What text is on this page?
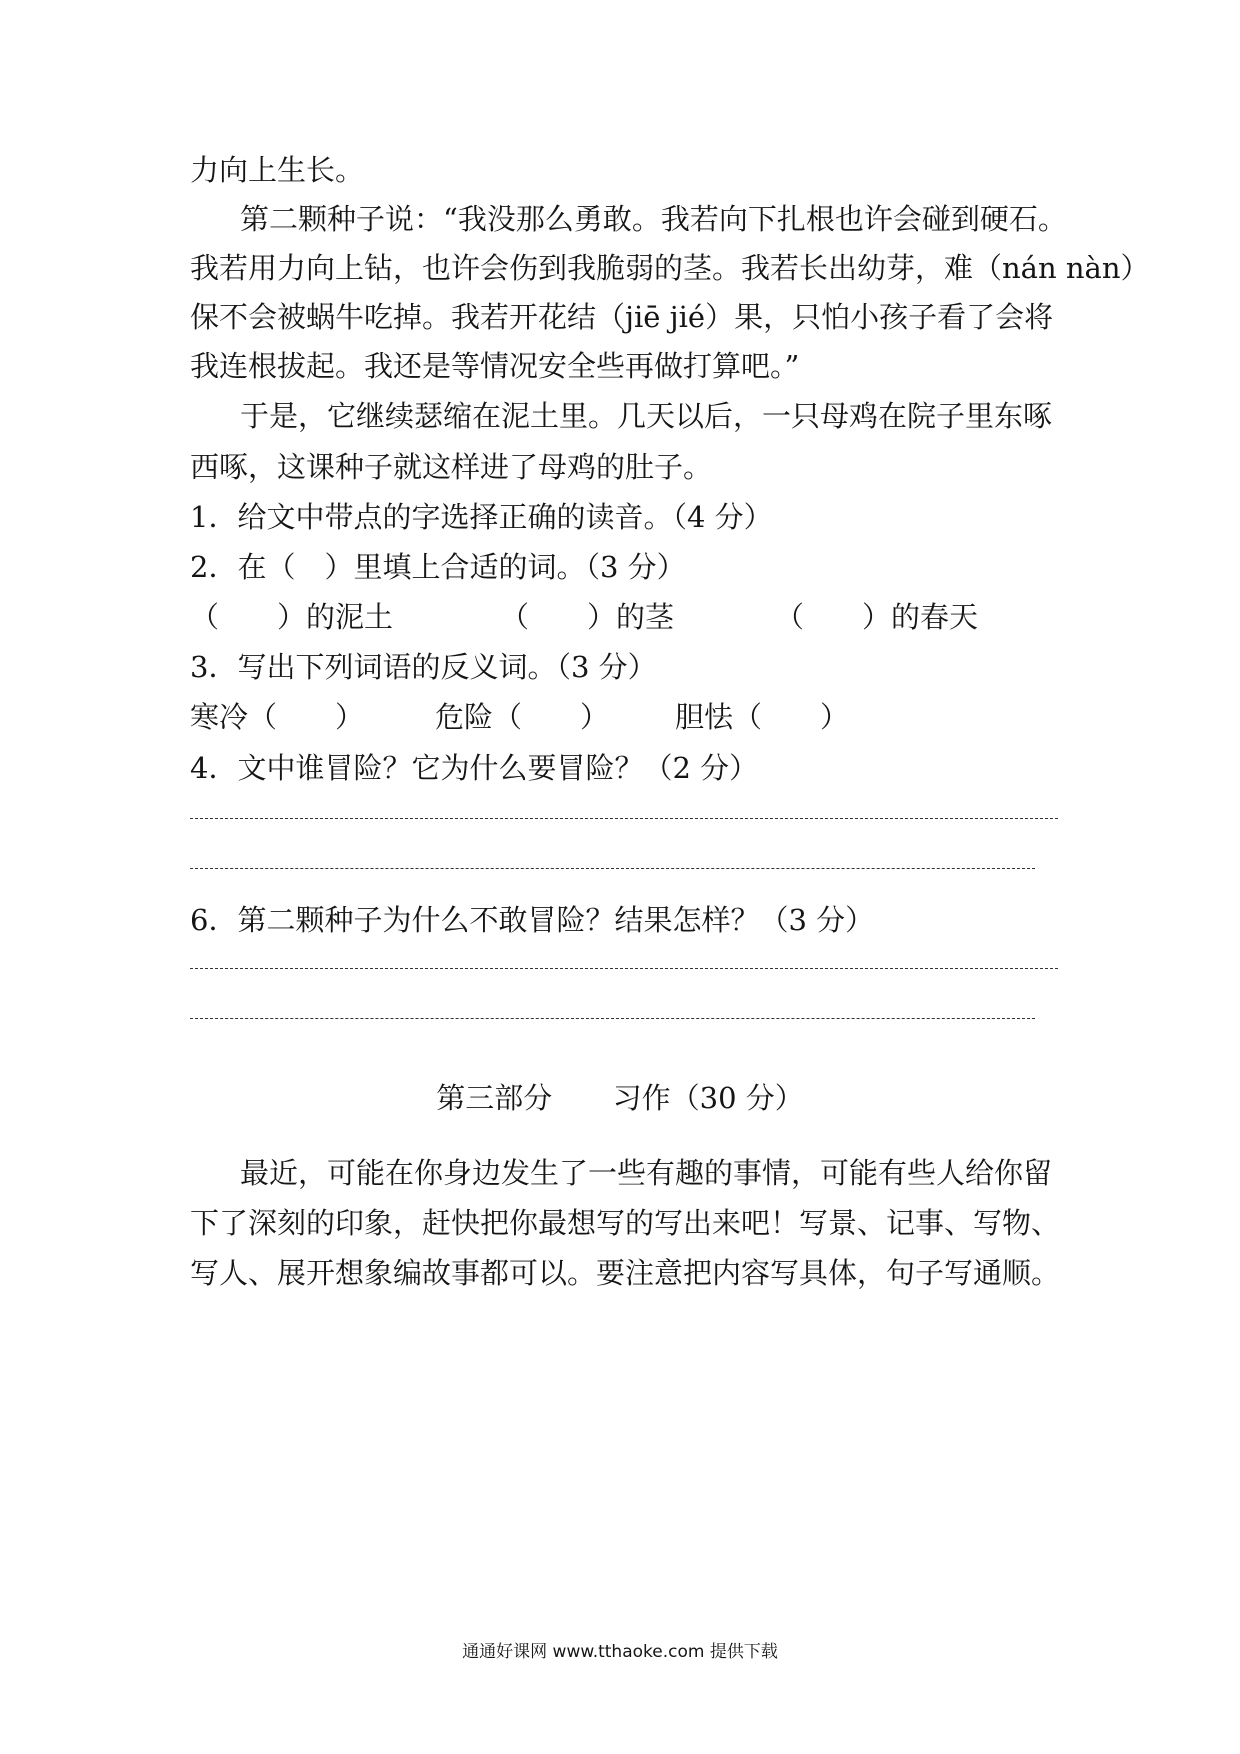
力向上生长。
第二颗种子说：“我没那么勇敢。我若向下扎根也许会碰到硬石。
我若用力向上钻，也许会伤到我脆弱的茎。我若长出幼芽，难（nán nàn）
保不会被蜗牛吃掉。我若开花结（jiē jié）果，只怕小孩子看了会将
我连根拔起。我还是等情况安全些再做打算吧。”
于是，它继续瑟缩在泥土里。几天以后，一只母鸡在院子里东啄
西啄，这课种子就这样进了母鸡的肚子。
1．给文中带点的字选择正确的读音。（4 分）
2．在（　）里填上合适的词。（3 分）
（　　）的泥土	（　　）的茎	（　　）的春天
3．写出下列词语的反义词。（3 分）
寒冷（　　） 危险（　　） 胆怯（　　）
4．文中谁冒险？它为什么要冒险？（2 分）
6．第二颗种子为什么不敢冒险？结果怎样？（3 分）
第三部分 习作（30 分）
最近，可能在你身边发生了一些有趣的事情，可能有些人给你留
下了深刻的印象，赶快把你最想写的写出来吧！写景、记事、写物、
写人、展开想象编故事都可以。要注意把内容写具体，句子写通顺。
通通好课网 www.tthaoke.com 提供下载
